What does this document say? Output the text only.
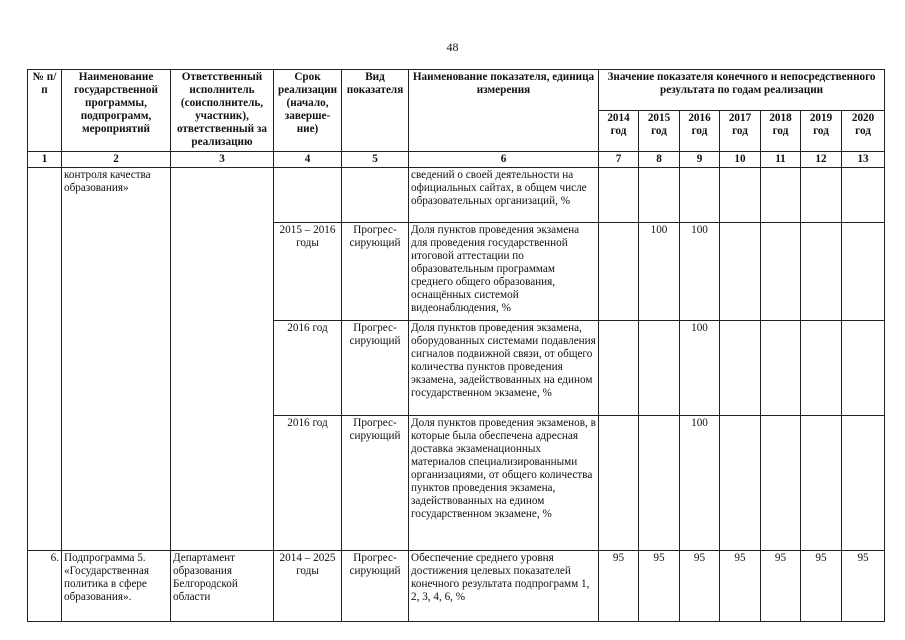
48
№ п/п	Наименование государственной программы, подпрограмм, мероприятий	Ответственный исполнитель (соисполнитель, участник), ответственный за реализацию	Срок реализации (начало, заверше-ние)	Вид показателя	Наименование показателя, единица измерения	Значение показателя конечного и непосредственного результата по годам реализации						
						2014 год	2015 год	2016 год	2017 год	2018 год	2019 год	2020 год
1	2	3	4	5	6	7	8	9	10	11	12	13
	контроля качества образования»				сведений о своей деятельности на официальных сайтах, в общем числе образовательных организаций, %							
			2015 – 2016 годы	Прогрес-сирующий	Доля пунктов проведения экзамена для проведения государственной итоговой аттестации по образовательным программам среднего общего образования, оснащённых системой видеонаблюдения, %		100	100				
			2016 год	Прогрес-сирующий	Доля пунктов проведения экзамена, оборудованных системами подавления сигналов подвижной связи, от общего количества пунктов проведения экзамена, задействованных на едином государственном экзамене, %			100				
			2016 год	Прогрес-сирующий	Доля пунктов проведения экзаменов, в которые была обеспечена адресная доставка экзаменационных материалов специализированными организациями, от общего количества пунктов проведения экзамена, задействованных на едином государственном экзамене, %			100				
6.	Подпрограмма 5. «Государственная политика в сфере образования».	Департамент образования Белгородской области	2014 – 2025 годы	Прогрес-сирующий	Обеспечение среднего уровня достижения целевых показателей конечного результата подпрограмм 1, 2, 3, 4, 6, %	95	95	95	95	95	95	95
